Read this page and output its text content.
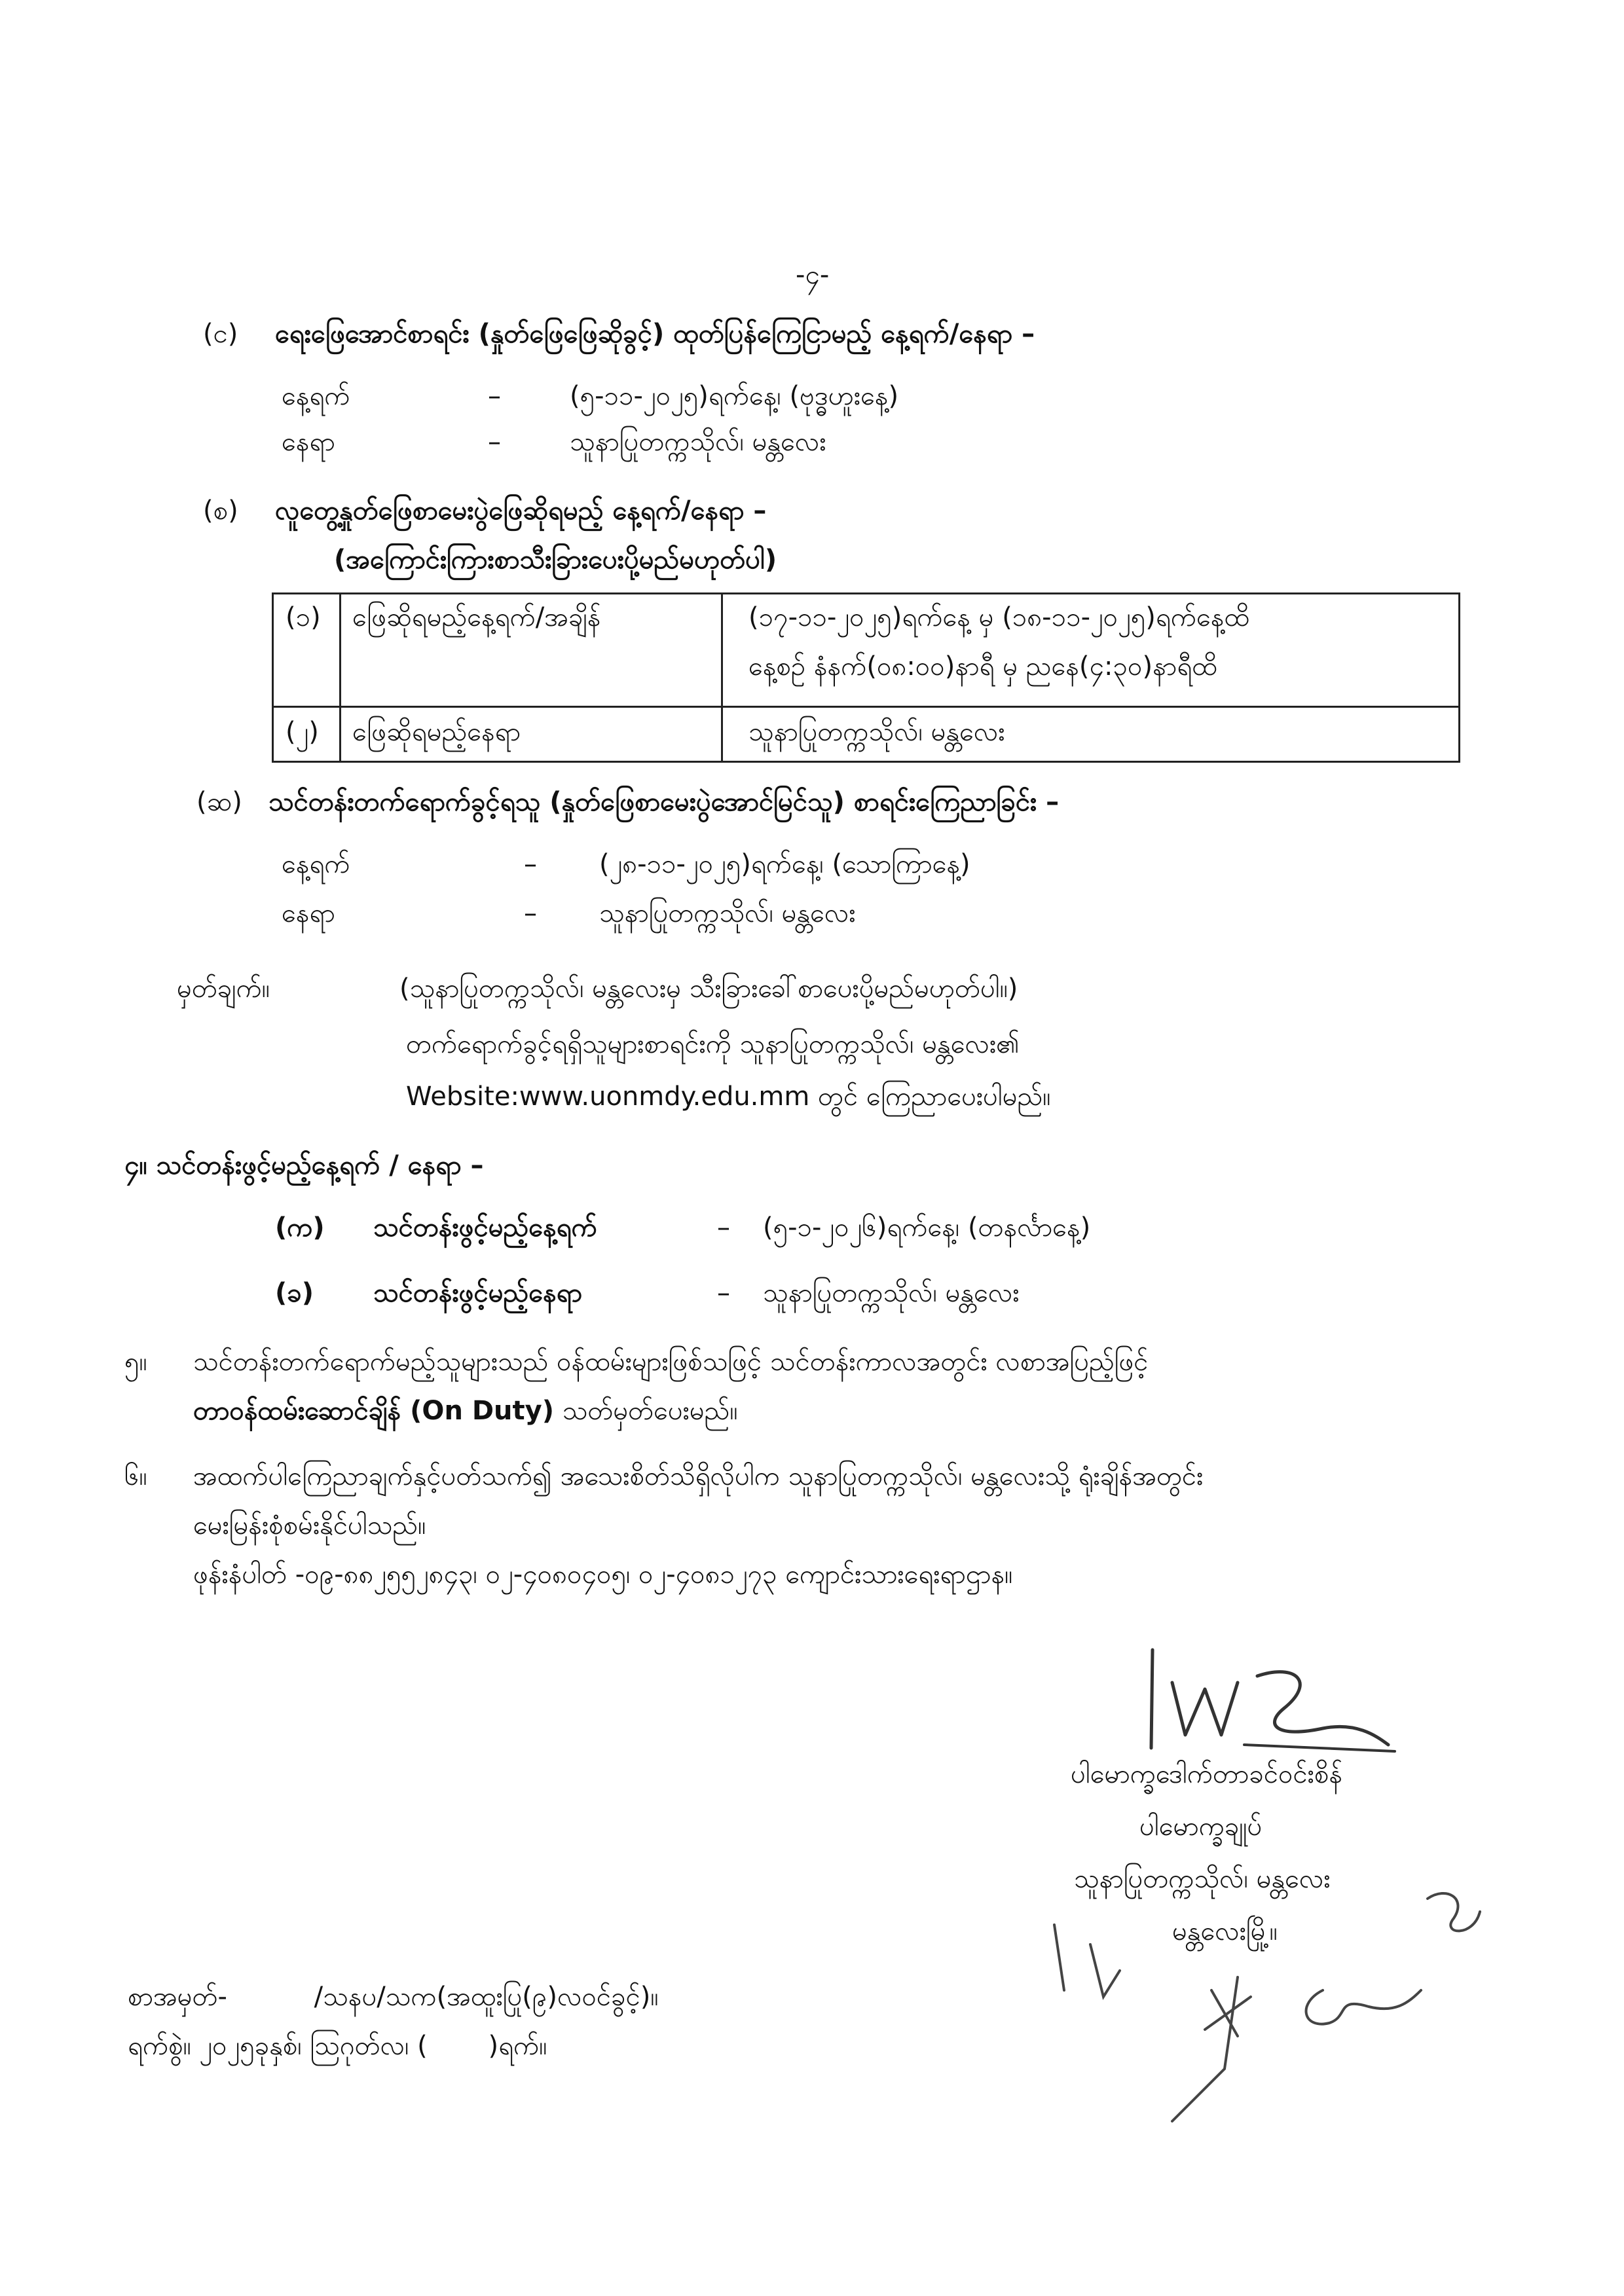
-၄-
(င) ရေးဖြေအောင်စာရင်း (နှုတ်ဖြေဖြေဆိုခွင့်) ထုတ်ပြန်ကြေငြာမည့် နေ့ရက်/နေရာ –
နေ့ရက်	–	(၅-၁၁-၂၀၂၅)ရက်နေ့၊ (ဗုဒ္ဓဟူးနေ့)
နေရာ	–	သူနာပြုတက္ကသိုလ်၊ မန္တလေး
(စ) လူတွေ့နှုတ်ဖြေစာမေးပွဲဖြေဆိုရမည့် နေ့ရက်/နေရာ –
(အကြောင်းကြားစာသီးခြားပေးပို့မည်မဟုတ်ပါ)
(၁) ဖြေဆိုရမည့်နေ့ရက်/အချိန်	(၁၇-၁၁-၂၀၂၅)ရက်နေ့ မှ (၁၈-၁၁-၂၀၂၅)ရက်နေ့ထိ
နေ့စဉ် နံနက်(၀၈:၀၀)နာရီ မှ ညနေ(၄:၃၀)နာရီထိ
(၂) ဖြေဆိုရမည့်နေရာ	သူနာပြုတက္ကသိုလ်၊ မန္တလေး
(ဆ) သင်တန်းတက်ရောက်ခွင့်ရသူ (နှုတ်ဖြေစာမေးပွဲအောင်မြင်သူ) စာရင်းကြေညာခြင်း –
နေ့ရက်	– (၂၈-၁၁-၂၀၂၅)ရက်နေ့၊ (သောကြာနေ့)
နေရာ	– သူနာပြုတက္ကသိုလ်၊ မန္တလေး
မှတ်ချက်။	(သူနာပြုတက္ကသိုလ်၊ မန္တလေးမှ သီးခြားခေါ်စာပေးပို့မည်မဟုတ်ပါ။)
တက်ရောက်ခွင့်ရရှိသူများစာရင်းကို သူနာပြုတက္ကသိုလ်၊ မန္တလေး၏
Website:www.uonmdy.edu.mm တွင် ကြေညာပေးပါမည်။
၄။ သင်တန်းဖွင့်မည့်နေ့ရက် / နေရာ –
(က) သင်တန်းဖွင့်မည့်နေ့ရက်	– (၅-၁-၂၀၂၆)ရက်နေ့၊ (တနင်္လာနေ့)
(ခ) သင်တန်းဖွင့်မည့်နေရာ	– သူနာပြုတက္ကသိုလ်၊ မန္တလေး
၅။ သင်တန်းတက်ရောက်မည့်သူများသည် ဝန်ထမ်းများဖြစ်သဖြင့် သင်တန်းကာလအတွင်း လစာအပြည့်ဖြင့်
တာဝန်ထမ်းဆောင်ချိန် (On Duty) သတ်မှတ်ပေးမည်။
၆။ အထက်ပါကြေညာချက်နှင့်ပတ်သက်၍ အသေးစိတ်သိရှိလိုပါက သူနာပြုတက္ကသိုလ်၊ မန္တလေးသို့ ရုံးချိန်အတွင်း
မေးမြန်းစုံစမ်းနိုင်ပါသည်။
ဖုန်းနံပါတ် -၀၉-၈၈၂၅၅၂၈၄၃၊ ၀၂-၄၀၈၀၄၀၅၊ ၀၂-၄၀၈၁၂၇၃ ကျောင်းသားရေးရာဌာန။
ပါမောက္ခဒေါက်တာခင်ဝင်းစိန်
ပါမောက္ခချုပ်
သူနာပြုတက္ကသိုလ်၊ မန္တလေး
မန္တလေးမြို့။
စာအမှတ်-	/သနပ/သက(အထူးပြု(၉)လဝင်ခွင့်)။
ရက်စွဲ။ ၂၀၂၅ခုနှစ်၊ ဩဂုတ်လ၊ ( )ရက်။
